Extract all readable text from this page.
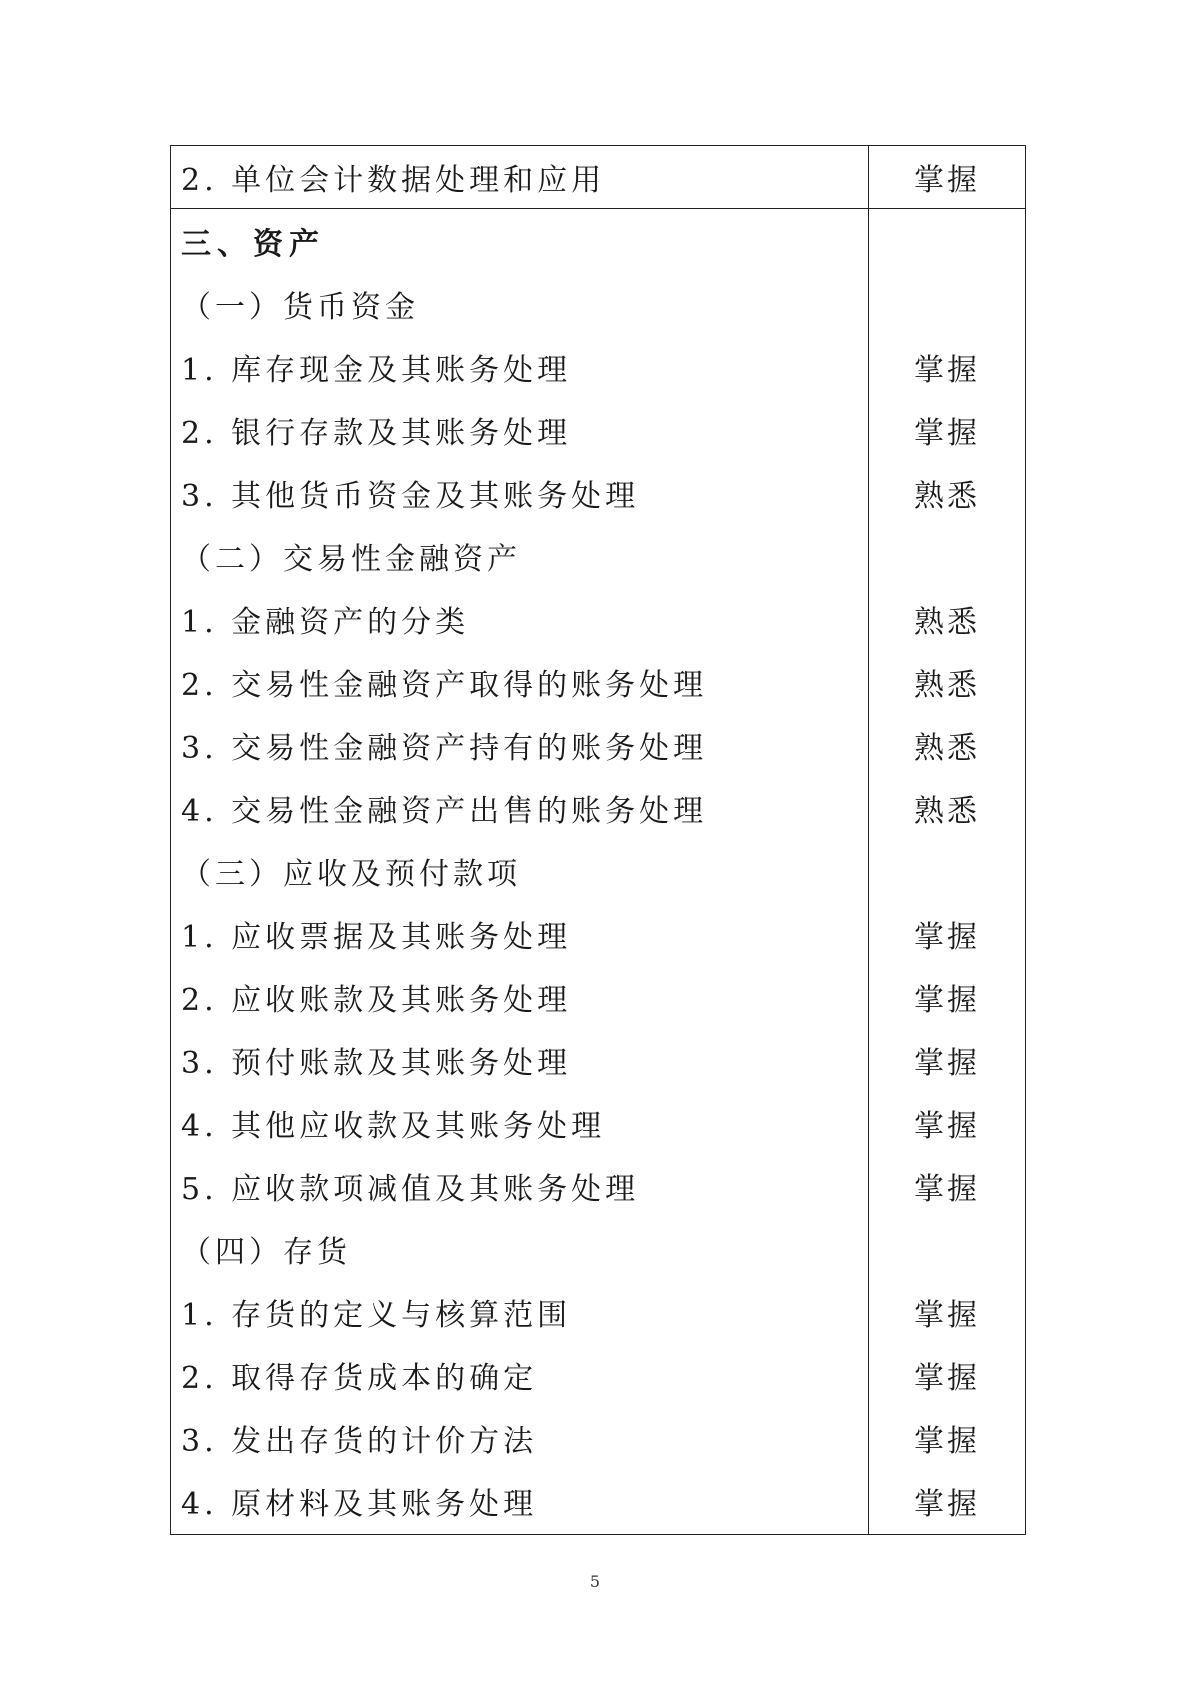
2. 单位会计数据处理和应用	掌握
三、资产
（一）货币资金
1. 库存现金及其账务处理
2. 银行存款及其账务处理
3. 其他货币资金及其账务处理
（二）交易性金融资产
1. 金融资产的分类
2. 交易性金融资产取得的账务处理
3. 交易性金融资产持有的账务处理
4. 交易性金融资产出售的账务处理
（三）应收及预付款项
1. 应收票据及其账务处理
2. 应收账款及其账务处理
3. 预付账款及其账务处理
4. 其他应收款及其账务处理
5. 应收款项减值及其账务处理
（四）存货
1. 存货的定义与核算范围
2. 取得存货成本的确定
3. 发出存货的计价方法
4. 原材料及其账务处理
掌握
掌握
熟悉
熟悉
熟悉
熟悉
熟悉
掌握
掌握
掌握
掌握
掌握
掌握
掌握
掌握
掌握
5
